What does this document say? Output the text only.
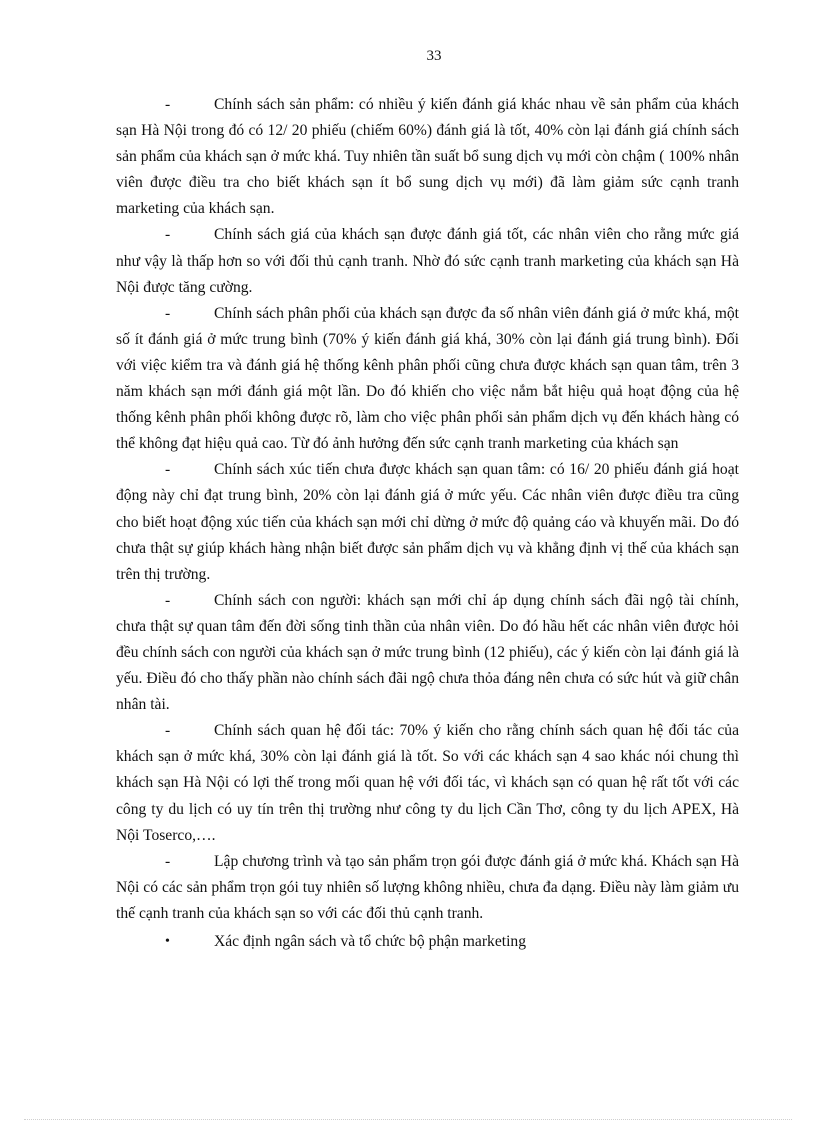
33

-	Chính sách sản phẩm: có nhiều ý kiến đánh giá khác nhau về sản phẩm của khách sạn Hà Nội trong đó có 12/ 20 phiếu (chiếm 60%) đánh giá là tốt, 40% còn lại đánh giá chính sách sản phẩm của khách sạn ở mức khá. Tuy nhiên tần suất bổ sung dịch vụ mới còn chậm ( 100% nhân viên được điều tra cho biết khách sạn ít bổ sung dịch vụ mới) đã làm giảm sức cạnh tranh marketing của khách sạn.

-	Chính sách giá của khách sạn được đánh giá tốt, các nhân viên cho rằng mức giá như vậy là thấp hơn so với đối thủ cạnh tranh. Nhờ đó sức cạnh tranh marketing của khách sạn Hà Nội được tăng cường.

-	Chính sách phân phối của khách sạn được đa số nhân viên đánh giá ở mức khá, một số ít đánh giá ở mức trung bình (70% ý kiến đánh giá khá, 30% còn lại đánh giá trung bình). Đối với việc kiểm tra và đánh giá hệ thống kênh phân phối cũng chưa được khách sạn quan tâm, trên 3 năm khách sạn mới đánh giá một lần. Do đó khiến cho việc nắm bắt hiệu quả hoạt động của hệ thống kênh phân phối không được rõ, làm cho việc phân phối sản phẩm dịch vụ đến khách hàng có thể không đạt hiệu quả cao. Từ đó ảnh hưởng đến sức cạnh tranh marketing của khách sạn

-	Chính sách xúc tiến chưa được khách sạn quan tâm: có 16/ 20 phiếu đánh giá hoạt động này chỉ đạt trung bình, 20% còn lại đánh giá ở mức yếu. Các nhân viên được điều tra cũng cho biết hoạt động xúc tiến của khách sạn mới chỉ dừng ở mức độ quảng cáo và khuyến mãi. Do đó chưa thật sự giúp khách hàng nhận biết được sản phẩm dịch vụ và khẳng định vị thế của khách sạn trên thị trường.

-	Chính sách con người: khách sạn mới chỉ áp dụng chính sách đãi ngộ tài chính, chưa thật sự quan tâm đến đời sống tinh thần của nhân viên. Do đó hầu hết các nhân viên được hỏi đều chính sách con người của khách sạn ở mức trung bình (12 phiếu), các ý kiến còn lại đánh giá là yếu. Điều đó cho thấy phần nào chính sách đãi ngộ chưa thỏa đáng nên chưa có sức hút và giữ chân nhân tài.

-	Chính sách quan hệ đối tác: 70% ý kiến cho rằng chính sách quan hệ đối tác của khách sạn ở mức khá, 30% còn lại đánh giá là tốt. So với các khách sạn 4 sao khác nói chung thì khách sạn Hà Nội có lợi thế trong mối quan hệ với đối tác, vì khách sạn có quan hệ rất tốt với các công ty du lịch có uy tín trên thị trường như công ty du lịch Cần Thơ, công ty du lịch APEX, Hà Nội Toserco,….

-	Lập chương trình và tạo sản phẩm trọn gói được đánh giá ở mức khá. Khách sạn Hà Nội có các sản phẩm trọn gói tuy nhiên số lượng không nhiều, chưa đa dạng. Điều này làm giảm ưu thế cạnh tranh của khách sạn so với các đối thủ cạnh tranh.

•	Xác định ngân sách và tổ chức bộ phận marketing
